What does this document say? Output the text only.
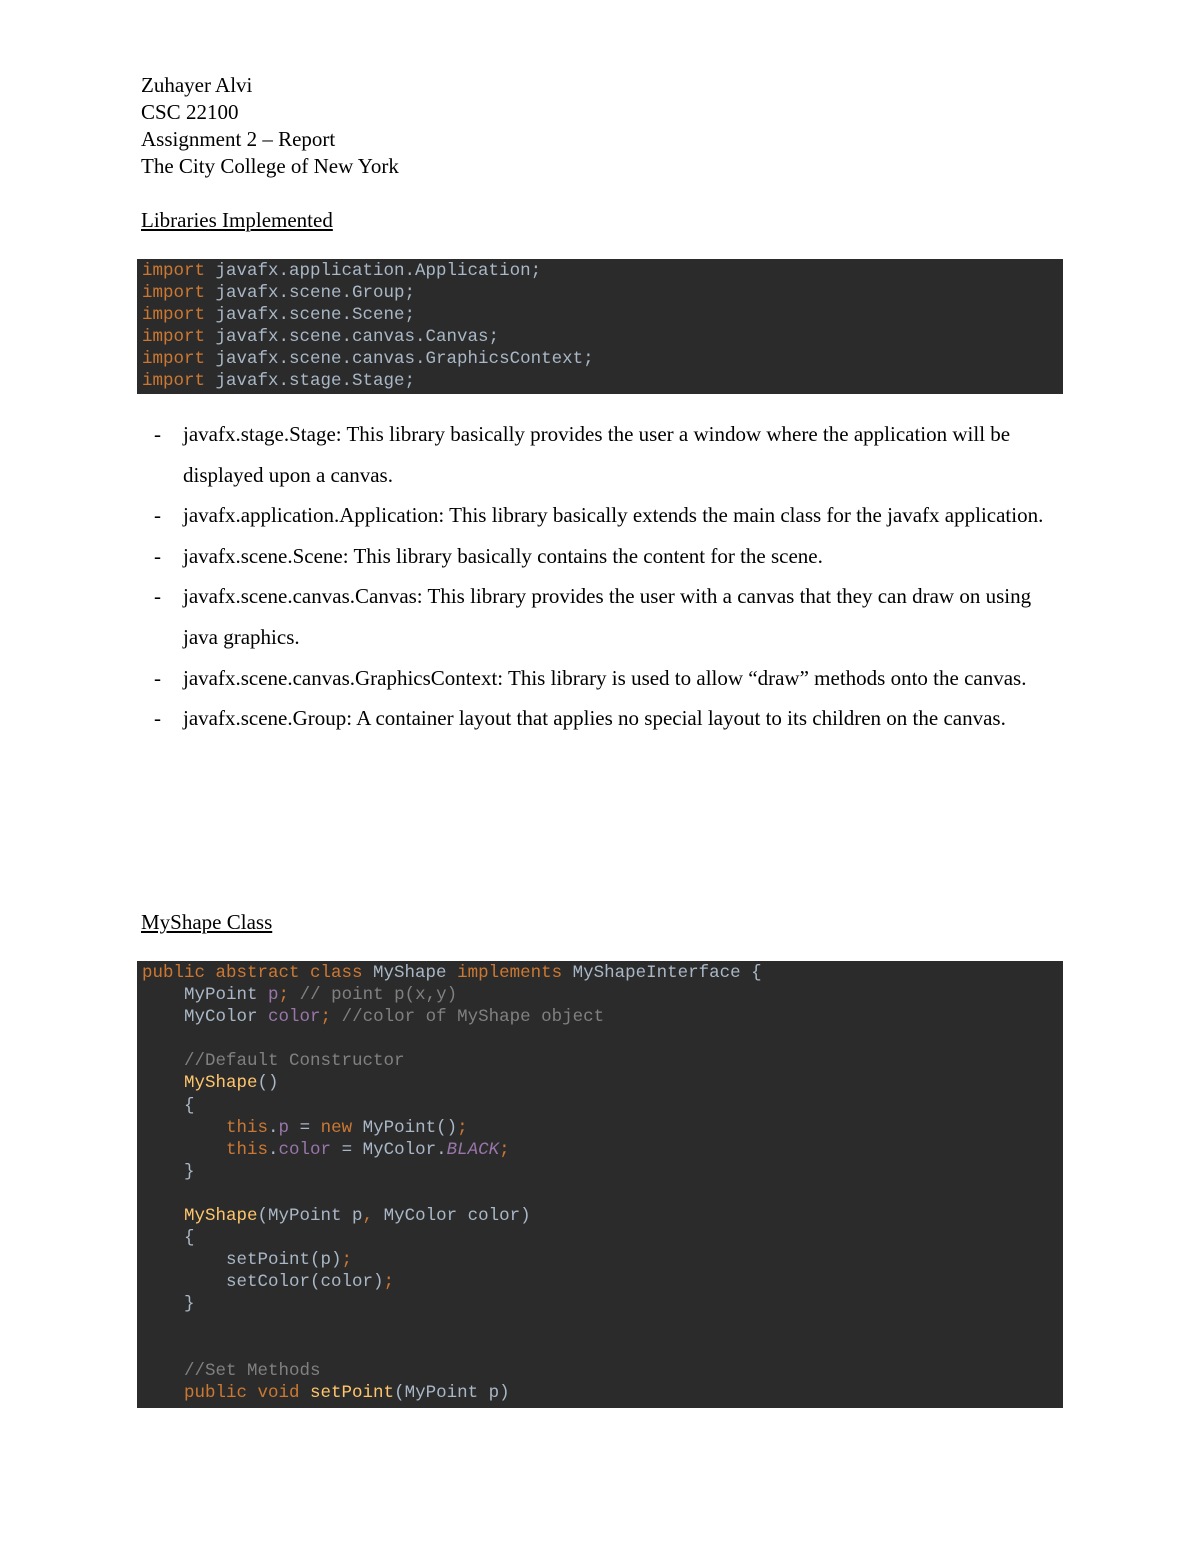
Zuhayer Alvi
CSC 22100
Assignment 2 – Report
The City College of New York
Libraries Implemented
import javafx.application.Application;
import javafx.scene.Group;
import javafx.scene.Scene;
import javafx.scene.canvas.Canvas;
import javafx.scene.canvas.GraphicsContext;
import javafx.stage.Stage;
- javafx.stage.Stage: This library basically provides the user a window where the application will be displayed upon a canvas.
- javafx.application.Application: This library basically extends the main class for the javafx application.
- javafx.scene.Scene: This library basically contains the content for the scene.
- javafx.scene.canvas.Canvas: This library provides the user with a canvas that they can draw on using java graphics.
- javafx.scene.canvas.GraphicsContext: This library is used to allow “draw” methods onto the canvas.
- javafx.scene.Group: A container layout that applies no special layout to its children on the canvas.
MyShape Class
public abstract class MyShape implements MyShapeInterface {
MyPoint p; // point p(x,y)
MyColor color; //color of MyShape object
//Default Constructor
MyShape()
{
this.p = new MyPoint();
this.color = MyColor.BLACK;
}
MyShape(MyPoint p, MyColor color)
{
setPoint(p);
setColor(color);
}
//Set Methods
public void setPoint(MyPoint p)
